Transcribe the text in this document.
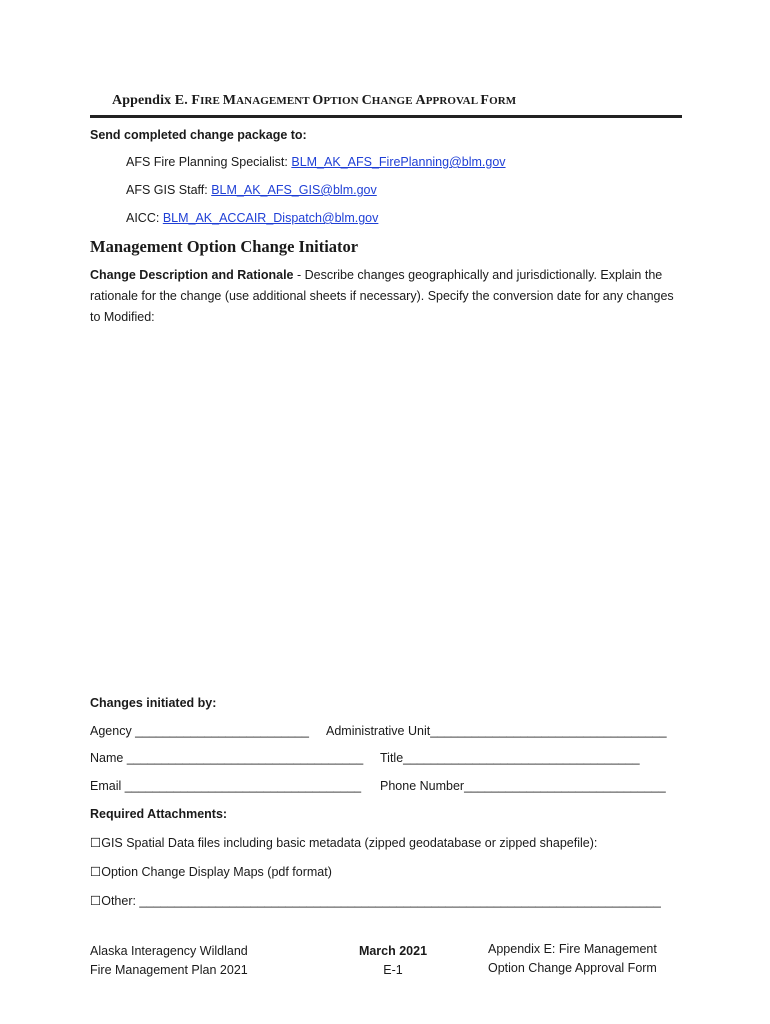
Appendix E. FIRE MANAGEMENT OPTION CHANGE APPROVAL FORM
Send completed change package to:
AFS Fire Planning Specialist: BLM_AK_AFS_FirePlanning@blm.gov
AFS GIS Staff: BLM_AK_AFS_GIS@blm.gov
AICC: BLM_AK_ACCAIR_Dispatch@blm.gov
Management Option Change Initiator
Change Description and Rationale - Describe changes geographically and jurisdictionally. Explain the rationale for the change (use additional sheets if necessary). Specify the conversion date for any changes to Modified:
Changes initiated by:
Agency _________________________ Administrative Unit__________________________________
Name __________________________________ Title__________________________________
Email __________________________________ Phone Number_____________________________
Required Attachments:
☐GIS Spatial Data files including basic metadata (zipped geodatabase or zipped shapefile):
☐Option Change Display Maps (pdf format)
☐Other: ___________________________________________________________________________
Alaska Interagency Wildland
Fire Management Plan 2021
March 2021
E-1
Appendix E: Fire Management
Option Change Approval Form
